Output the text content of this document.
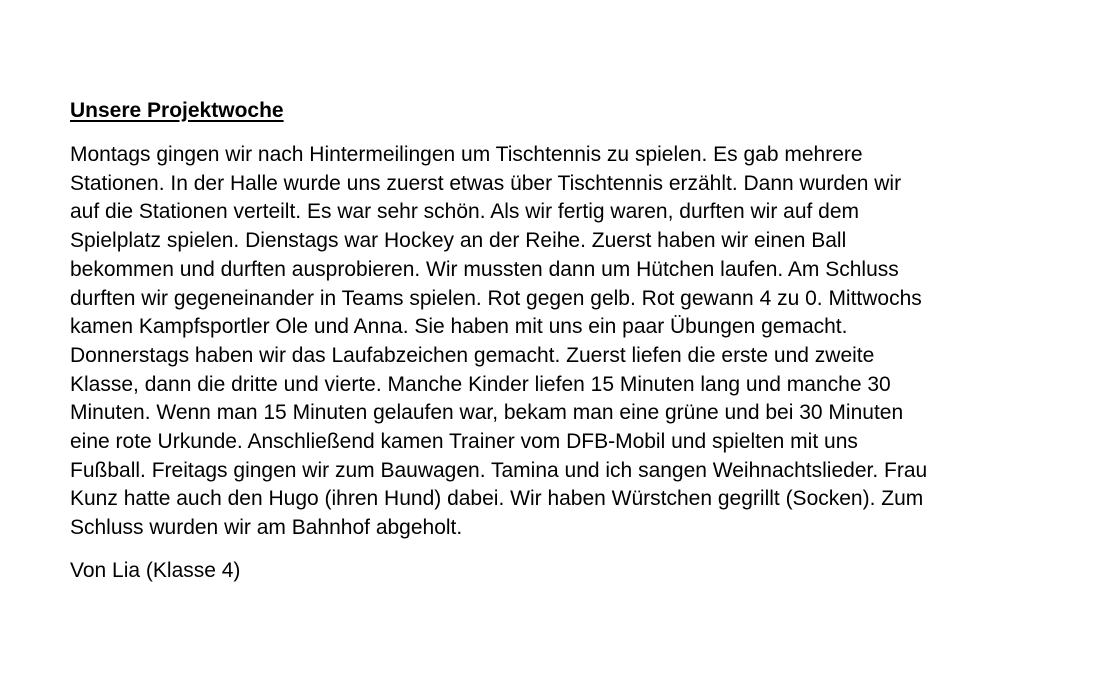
Unsere Projektwoche

Montags gingen wir nach Hintermeilingen um Tischtennis zu spielen. Es gab mehrere

Stationen. In der Halle wurde uns zuerst etwas über Tischtennis erzählt. Dann wurden wir

auf die Stationen verteilt. Es war sehr schön. Als wir fertig waren, durften wir auf dem

Spielplatz spielen. Dienstags war Hockey an der Reihe. Zuerst haben wir einen Ball

bekommen und durften ausprobieren. Wir mussten dann um Hütchen laufen. Am Schluss

durften wir gegeneinander in Teams spielen. Rot gegen gelb. Rot gewann 4 zu 0. Mittwochs

kamen Kampfsportler Ole und Anna. Sie haben mit uns ein paar Übungen gemacht.

Donnerstags haben wir das Laufabzeichen gemacht. Zuerst liefen die erste und zweite

Klasse, dann die dritte und vierte. Manche Kinder liefen 15 Minuten lang und manche 30

Minuten. Wenn man 15 Minuten gelaufen war, bekam man eine grüne und bei 30 Minuten

eine rote Urkunde. Anschließend kamen Trainer vom DFB-Mobil und spielten mit uns

Fußball. Freitags gingen wir zum Bauwagen. Tamina und ich sangen Weihnachtslieder. Frau

Kunz hatte auch den Hugo (ihren Hund) dabei. Wir haben Würstchen gegrillt (Socken). Zum

Schluss wurden wir am Bahnhof abgeholt.

Von Lia (Klasse 4)
